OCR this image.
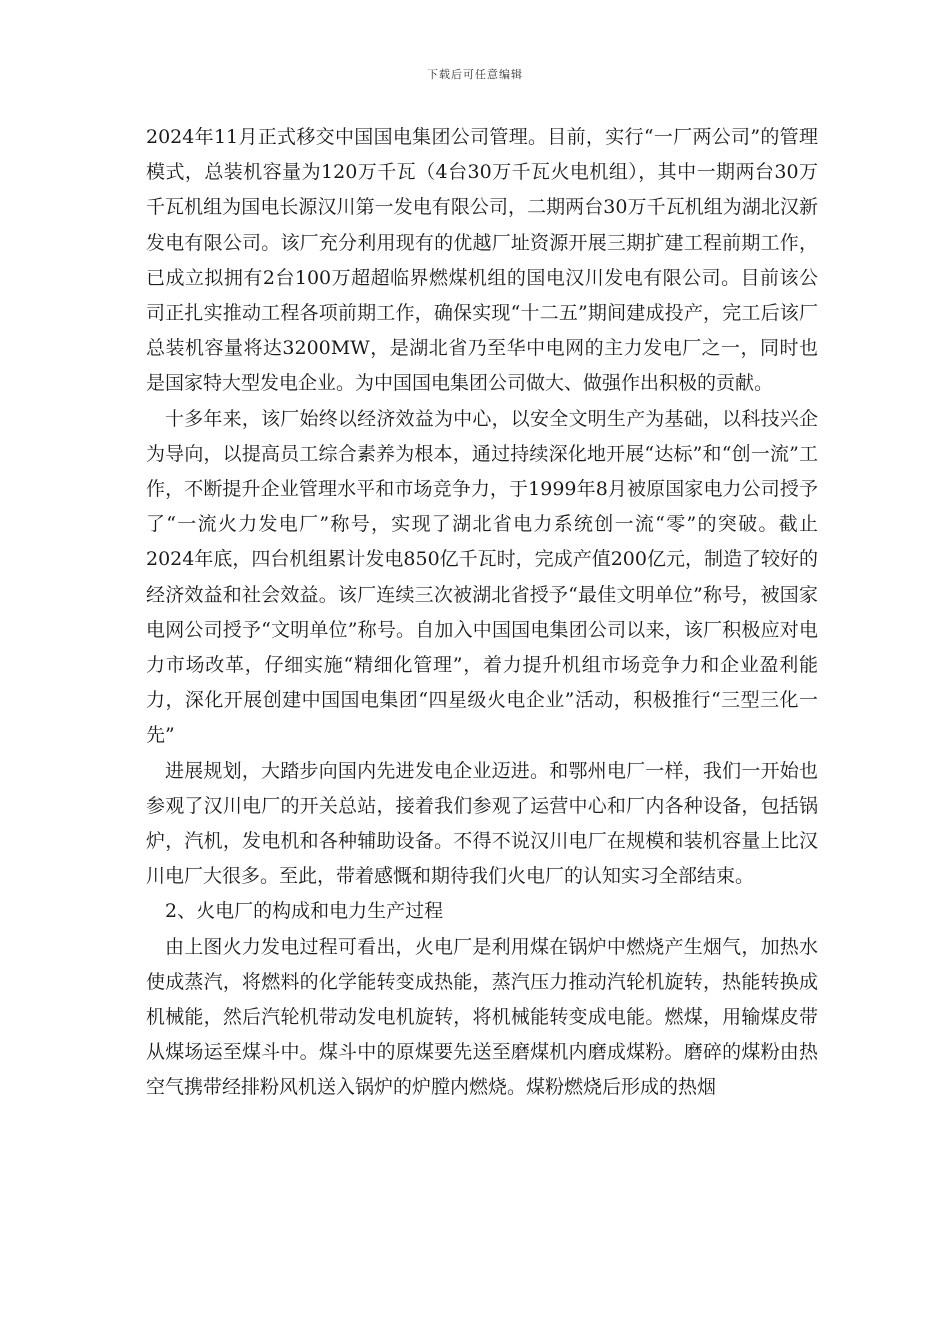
下载后可任意编辑

2024年11月正式移交中国国电集团公司管理。目前，实行“一厂两公司”的管理模式，总装机容量为120万千瓦（4台30万千瓦火电机组），其中一期两台30万千瓦机组为国电长源汉川第一发电有限公司，二期两台30万千瓦机组为湖北汉新发电有限公司。该厂充分利用现有的优越厂址资源开展三期扩建工程前期工作，已成立拟拥有2台100万超超临界燃煤机组的国电汉川发电有限公司。目前该公司正扎实推动工程各项前期工作，确保实现“十二五”期间建成投产，完工后该厂总装机容量将达3200MW，是湖北省乃至华中电网的主力发电厂之一，同时也是国家特大型发电企业。为中国国电集团公司做大、做强作出积极的贡献。

十多年来，该厂始终以经济效益为中心，以安全文明生产为基础，以科技兴企为导向，以提高员工综合素养为根本，通过持续深化地开展“达标”和“创一流”工作，不断提升企业管理水平和市场竞争力，于1999年8月被原国家电力公司授予了“一流火力发电厂”称号，实现了湖北省电力系统创一流“零”的突破。截止2024年底，四台机组累计发电850亿千瓦时，完成产值200亿元，制造了较好的经济效益和社会效益。该厂连续三次被湖北省授予“最佳文明单位”称号，被国家电网公司授予“文明单位”称号。自加入中国国电集团公司以来，该厂积极应对电力市场改革，仔细实施“精细化管理”，着力提升机组市场竞争力和企业盈利能力，深化开展创建中国国电集团“四星级火电企业”活动，积极推行“三型三化一先”

进展规划，大踏步向国内先进发电企业迈进。和鄂州电厂一样，我们一开始也参观了汉川电厂的开关总站，接着我们参观了运营中心和厂内各种设备，包括锅炉，汽机，发电机和各种辅助设备。不得不说汉川电厂在规模和装机容量上比汉川电厂大很多。至此，带着感慨和期待我们火电厂的认知实习全部结束。

2、火电厂的构成和电力生产过程

由上图火力发电过程可看出，火电厂是利用煤在锅炉中燃烧产生烟气，加热水使成蒸汽，将燃料的化学能转变成热能，蒸汽压力推动汽轮机旋转，热能转换成机械能，然后汽轮机带动发电机旋转，将机械能转变成电能。燃煤，用输煤皮带从煤场运至煤斗中。煤斗中的原煤要先送至磨煤机内磨成煤粉。磨碎的煤粉由热空气携带经排粉风机送入锅炉的炉膛内燃烧。煤粉燃烧后形成的热烟
